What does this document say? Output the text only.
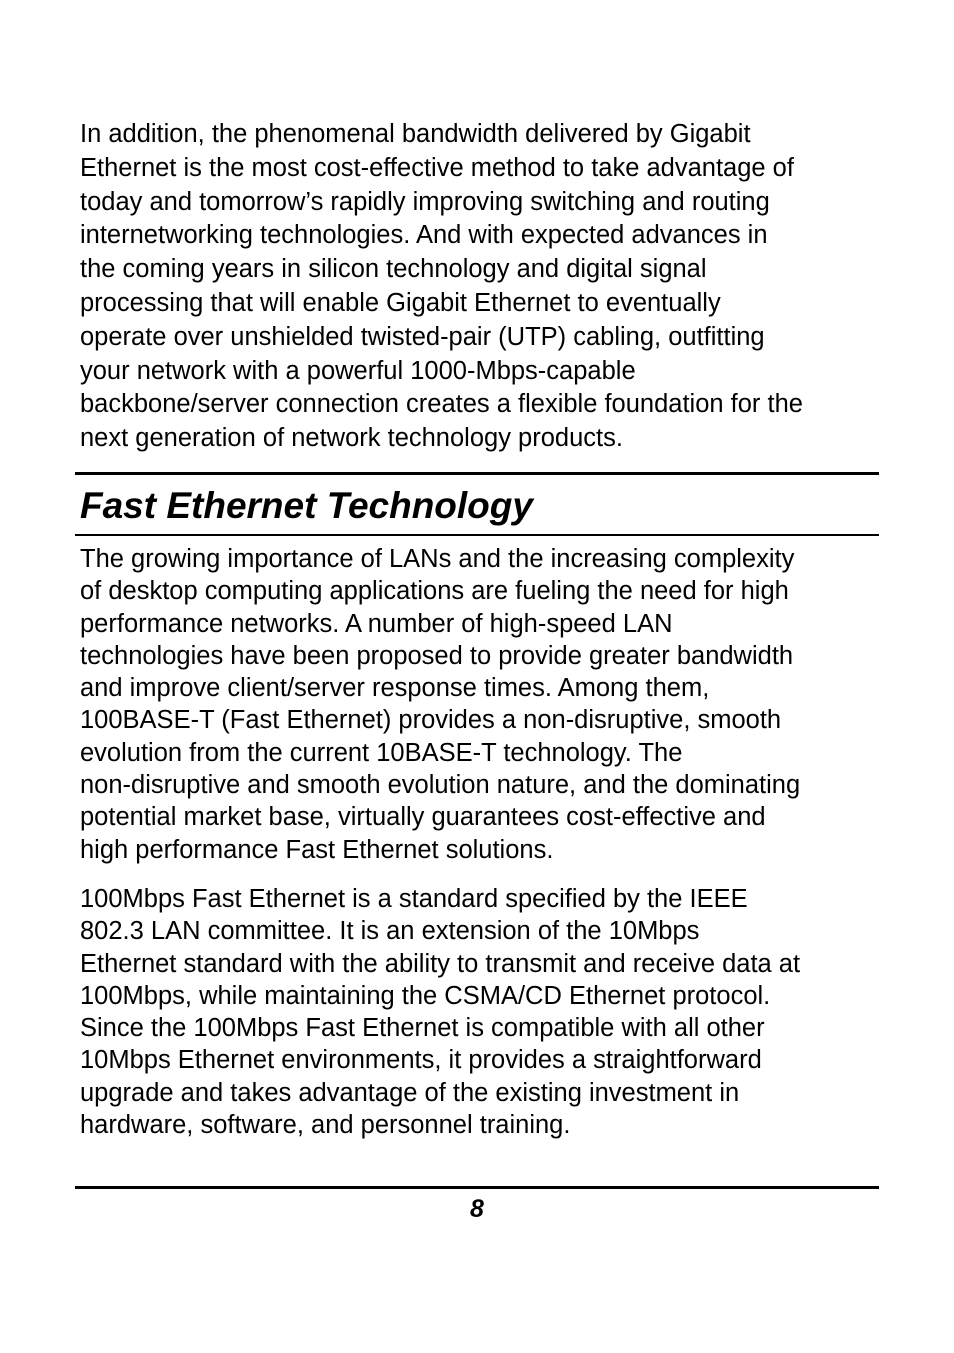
In addition, the phenomenal bandwidth delivered by Gigabit
Ethernet is the most cost-effective method to take advantage of
today and tomorrow’s rapidly improving switching and routing
internetworking technologies. And with expected advances in
the coming years in silicon technology and digital signal
processing that will enable Gigabit Ethernet to eventually
operate over unshielded twisted-pair (UTP) cabling, outfitting
your network with a powerful 1000-Mbps-capable
backbone/server connection creates a flexible foundation for the
next generation of network technology products.

Fast Ethernet Technology

The growing importance of LANs and the increasing complexity
of desktop computing applications are fueling the need for high
performance networks. A number of high-speed LAN
technologies have been proposed to provide greater bandwidth
and improve client/server response times. Among them,
100BASE-T (Fast Ethernet) provides a non-disruptive, smooth
evolution from the current 10BASE-T technology. The
non-disruptive and smooth evolution nature, and the dominating
potential market base, virtually guarantees cost-effective and
high performance Fast Ethernet solutions.

100Mbps Fast Ethernet is a standard specified by the IEEE
802.3 LAN committee. It is an extension of the 10Mbps
Ethernet standard with the ability to transmit and receive data at
100Mbps, while maintaining the CSMA/CD Ethernet protocol.
Since the 100Mbps Fast Ethernet is compatible with all other
10Mbps Ethernet environments, it provides a straightforward
upgrade and takes advantage of the existing investment in
hardware, software, and personnel training.

8
